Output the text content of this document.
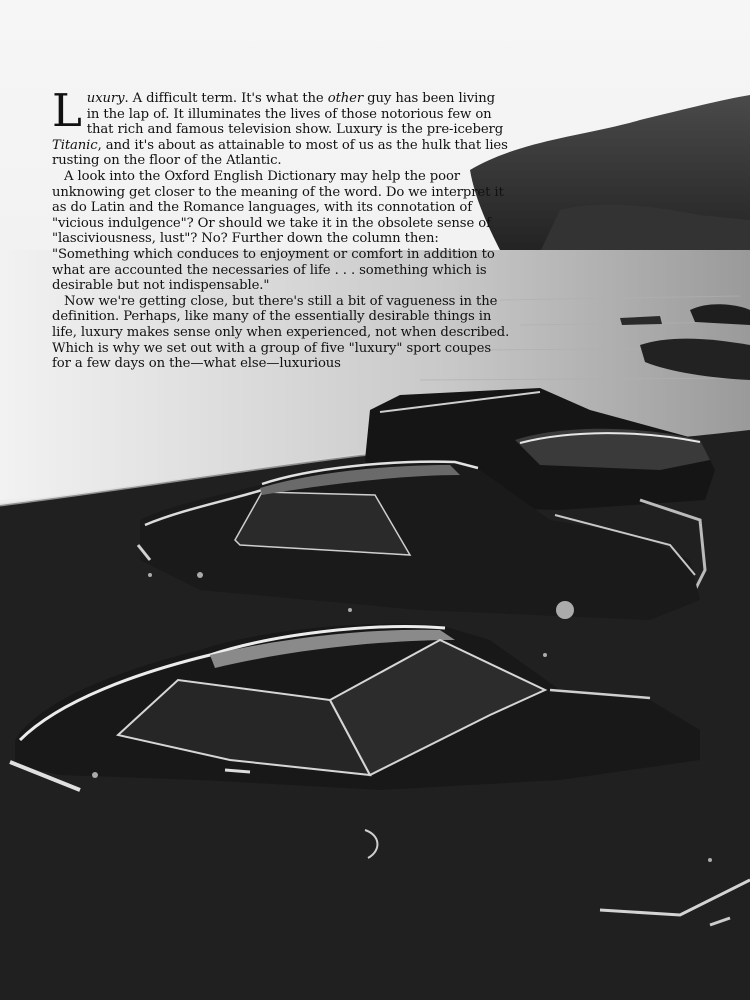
Luxury. A difficult term. It's what the other guy has been living in the lap of. It illuminates the lives of those notorious few on that rich and famous television show. Luxury is the pre-iceberg Titanic, and it's about as attainable to most of us as the hulk that lies rusting on the floor of the Atlantic.

A look into the Oxford English Dictionary may help the poor unknowing get closer to the meaning of the word. Do we interpret it as do Latin and the Romance languages, with its connotation of "vicious indulgence"? Or should we take it in the obsolete sense of "lasciviousness, lust"? No? Further down the column then: "Something which conduces to enjoyment or comfort in addition to what are accounted the necessaries of life . . . something which is desirable but not indispensable."

Now we're getting close, but there's still a bit of vagueness in the definition. Perhaps, like many of the essentially desirable things in life, luxury makes sense only when experienced, not when described. Which is why we set out with a group of five "luxury" sport coupes for a few days on the—what else—luxurious
